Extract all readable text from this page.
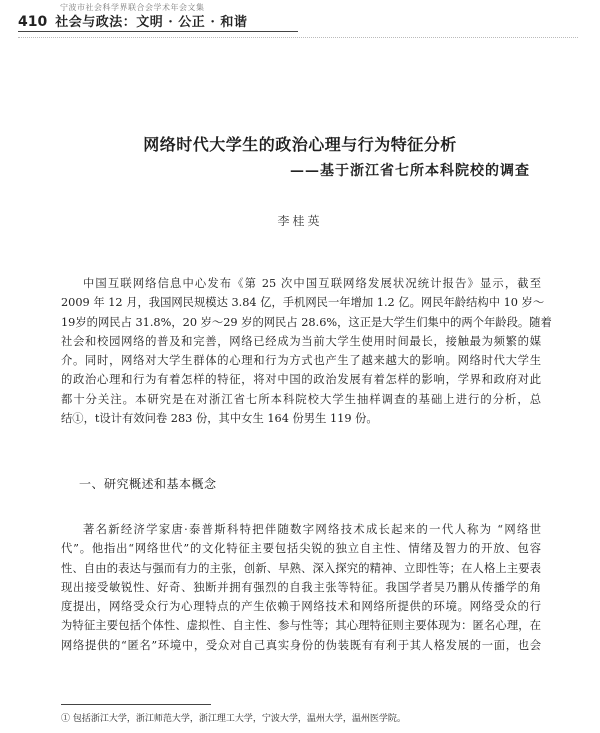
宁波市社会科学界联合会学术年会文集
410 社会与政法：文明 · 公正 · 和谐
网络时代大学生的政治心理与行为特征分析
——基于浙江省七所本科院校的调查
李桂英
中国互联网络信息中心发布《第 25 次中国互联网络发展状况统计报告》显示，截至
2009 年 12 月，我国网民规模达 3.84 亿，手机网民一年增加 1.2 亿。网民年龄结构中 10 岁～
19岁的网民占 31.8%，20 岁～29 岁的网民占 28.6%，这正是大学生们集中的两个年龄段。随着
社会和校园网络的普及和完善，网络已经成为当前大学生使用时间最长，接触最为频繁的媒
介。同时，网络对大学生群体的心理和行为方式也产生了越来越大的影响。网络时代大学生
的政治心理和行为有着怎样的特征，将对中国的政治发展有着怎样的影响，学界和政府对此
都十分关注。本研究是在对浙江省七所本科院校大学生抽样调查的基础上进行的分析，总
结①，t设计有效问卷 283 份，其中女生 164 份男生 119 份。
一、研究概述和基本概念
著名新经济学家唐·泰普斯科特把伴随数字网络技术成长起来的一代人称为 “网络世
代”。他指出“网络世代”的文化特征主要包括尖锐的独立自主性、情绪及智力的开放、包容
性、自由的表达与强而有力的主张，创新、早熟、深入探究的精神、立即性等；在人格上主要表
现出接受敏锐性、好奇、独断并拥有强烈的自我主张等特征。我国学者吴乃鹏从传播学的角
度提出，网络受众行为心理特点的产生依赖于网络技术和网络所提供的环境。网络受众的行
为特征主要包括个体性、虚拟性、自主性、参与性等；其心理特征则主要体现为：匿名心理，在
网络提供的“匿名”环境中，受众对自己真实身份的伪装既有有利于其人格发展的一面，也会
① 包括浙江大学，浙江师范大学，浙江理工大学，宁波大学，温州大学，温州医学院。
